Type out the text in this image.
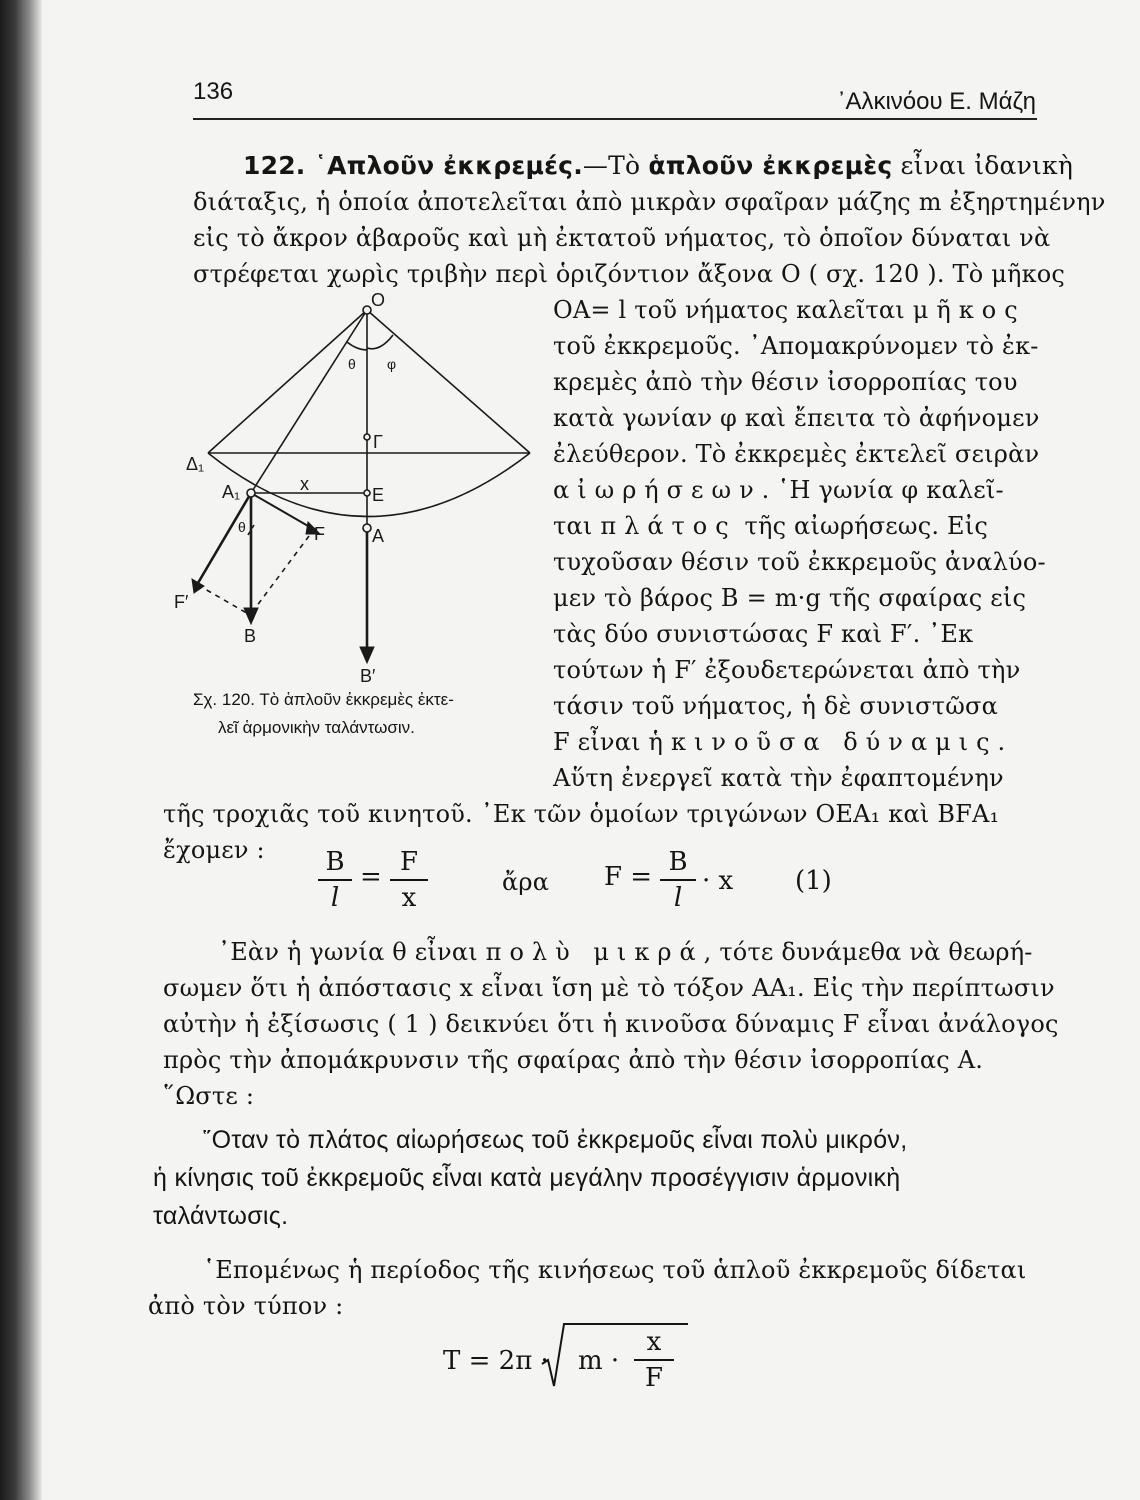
136	᾽Αλκινόου Ε. Μάζη
122. ῾Απλοῦν ἐκκρεμές.—Τὸ ἁπλοῦν ἐκκρεμὲς εἶναι ἰδανικὴ
διάταξις, ἡ ὁποία ἀποτελεῖται ἀπὸ μικρὰν σφαῖραν μάζης m ἐξηρτημένην
εἰς τὸ ἄκρον ἀβαροῦς καὶ μὴ ἐκτατοῦ νήματος, τὸ ὁποῖον δύναται νὰ
στρέφεται χωρὶς τριβὴν περὶ ὁριζόντιον ἄξονα Ο ( σχ. 120 ). Τὸ μῆκος
ΟΑ= l τοῦ νήματος καλεῖται μῆκος
τοῦ ἐκκρεμοῦς. ᾽Απομακρύνομεν τὸ ἐκ-
κρεμὲς ἀπὸ τὴν θέσιν ἰσορροπίας του
κατὰ γωνίαν φ καὶ ἔπειτα τὸ ἀφήνομεν
ἐλεύθερον. Τὸ ἐκκρεμὲς ἐκτελεῖ σειρὰν
αἰωρήσεων. ῾Η γωνία φ καλεῖ-
ται πλάτος τῆς αἰωρήσεως. Εἰς
τυχοῦσαν θέσιν τοῦ ἐκκρεμοῦς ἀναλύο-
μεν τὸ βάρος Β = m·g τῆς σφαίρας εἰς
τὰς δύο συνιστώσας F καὶ F′. ᾽Εκ
τούτων ἡ F′ ἐξουδετερώνεται ἀπὸ τὴν
τάσιν τοῦ νήματος, ἡ δὲ συνιστῶσα
F εἶναι ἡ κινοῦσα δύναμις.
Αὕτη ἐνεργεῖ κατὰ τὴν ἐφαπτομένην
O
θ φ
Γ
Δ₁
A₁	x
E
F	A
θ
F′
B
B′
Σχ. 120. Τὸ ἁπλοῦν ἐκκρεμὲς ἐκτε-
λεῖ ἁρμονικὴν ταλάντωσιν.
τῆς τροχιᾶς τοῦ κινητοῦ. ᾽Εκ τῶν ὁμοίων τριγώνων ΟΕΑ₁ καὶ ΒFΑ₁
ἔχομεν : B
l
= F
x
ἄρα F = B
l
· x (1)
᾽Εὰν ἡ γωνία θ εἶναι πολὺ μικρά, τότε δυνάμεθα νὰ θεωρή-
σωμεν ὅτι ἡ ἀπόστασις x εἶναι ἴση μὲ τὸ τόξον ΑΑ₁. Εἰς τὴν περίπτωσιν
αὐτὴν ἡ ἐξίσωσις ( 1 ) δεικνύει ὅτι ἡ κινοῦσα δύναμις F εἶναι ἀνάλογος
πρὸς τὴν ἀπομάκρυνσιν τῆς σφαίρας ἀπὸ τὴν θέσιν ἰσορροπίας Α.
῞Ωστε :
῞Οταν τὸ πλάτος αἰωρήσεως τοῦ ἐκκρεμοῦς εἶναι πολὺ μικρόν,
ἡ κίνησις τοῦ ἐκκρεμοῦς εἶναι κατὰ μεγάλην προσέγγισιν ἁρμονικὴ
ταλάντωσις.
῾Επομένως ἡ περίοδος τῆς κινήσεως τοῦ ἁπλοῦ ἐκκρεμοῦς δίδεται
ἀπὸ τὸν τύπον :
T = 2π · m ·
x
F
